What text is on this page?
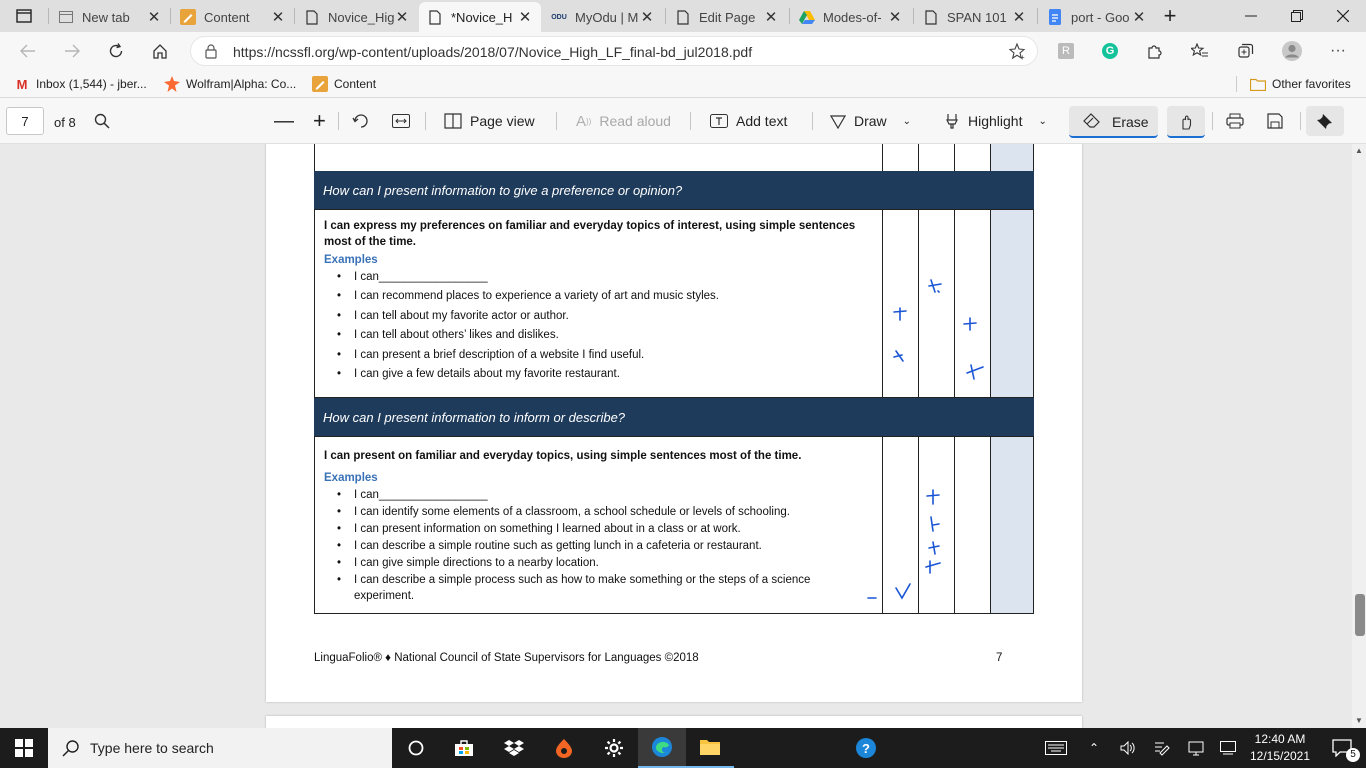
New tab	✕	Content	✕	Novice_Hig ✕	*Novice_H ✕	ODU MyOdu | M ✕	Edit Page ✕	Modes-of- ✕	SPAN 101 ✕	port - Goo ✕ +
https://ncssfl.org/wp-content/uploads/2018/07/Novice_High_LF_final-bd_jul2018.pdf	+
R	G	···
M Inbox (1,544) - jber...	Wolfram|Alpha: Co...	Content	Other favorites
7	of 8	— +	Page view	A )) Read aloud	Add text	Draw ⌄	Highlight ⌄	Erase
How can I present information to give a preference or opinion?
I can express my preferences on familiar and everyday topics of interest, using simple sentences most of the time.
Examples
• I can_________________
• I can recommend places to experience a variety of art and music styles.
• I can tell about my favorite actor or author.
• I can tell about others’ likes and dislikes.
• I can present a brief description of a website I find useful.
• I can give a few details about my favorite restaurant.
How can I present information to inform or describe?
I can present on familiar and everyday topics, using simple sentences most of the time.
Examples
• I can_________________
• I can identify some elements of a classroom, a school schedule or levels of schooling.
• I can present information on something I learned about in a class or at work.
• I can describe a simple routine such as getting lunch in a cafeteria or restaurant.
• I can give simple directions to a nearby location.
• I can describe a simple process such as how to make something or the steps of a science
experiment.
LinguaFolio® ♦ National Council of State Supervisors for Languages ©2018	7
▲
▼
Type here to search	?	⌃
12:40 AM
12/15/2021	5
